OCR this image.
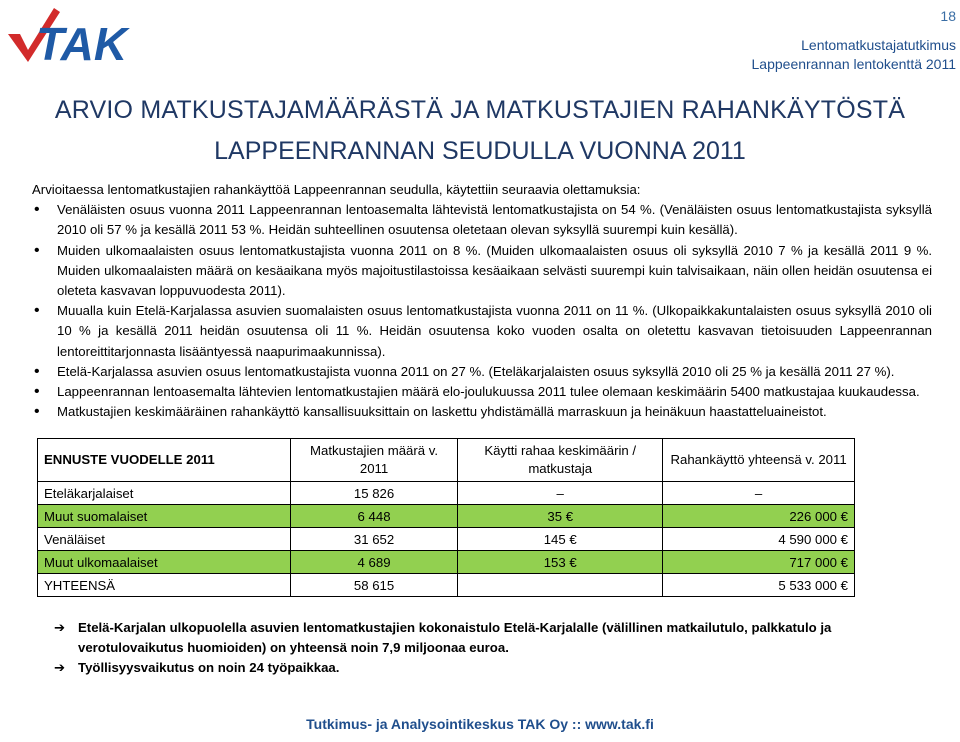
TAK
18
Lentomatkustajatutkimus
Lappeenrannan lentokenttä 2011
ARVIO MATKUSTAJAMÄÄRÄSTÄ JA MATKUSTAJIEN RAHANKÄYTÖSTÄ
LAPPEENRANNAN SEUDULLA VUONNA 2011

Arvioitaessa lentomatkustajien rahankäyttöä Lappeenrannan seudulla, käytettiin seuraavia olettamuksia:

• Venäläisten osuus vuonna 2011 Lappeenrannan lentoasemalta lähtevistä lentomatkustajista on 54 %. (Venäläisten osuus lentomatkustajista syksyllä 2010 oli 57 % ja kesällä 2011 53 %. Heidän suhteellinen osuutensa oletetaan olevan syksyllä suurempi kuin kesällä).
• Muiden ulkomaalaisten osuus lentomatkustajista vuonna 2011 on 8 %. (Muiden ulkomaalaisten osuus oli syksyllä 2010 7 % ja kesällä 2011 9 %. Muiden ulkomaalaisten määrä on kesäaikana myös majoitustilastoissa kesäaikaan selvästi suurempi kuin talvisaikaan, näin ollen heidän osuutensa ei oleteta kasvavan loppuvuodesta 2011).
• Muualla kuin Etelä-Karjalassa asuvien suomalaisten osuus lentomatkustajista vuonna 2011 on 11 %. (Ulkopaikkakuntalaisten osuus syksyllä 2010 oli 10 % ja kesällä 2011 heidän osuutensa oli 11 %. Heidän osuutensa koko vuoden osalta on oletettu kasvavan tietoisuuden Lappeenrannan lentoreittitarjonnasta lisääntyessä naapurimaakunnissa).
• Etelä-Karjalassa asuvien osuus lentomatkustajista vuonna 2011 on 27 %. (Eteläkarjalaisten osuus syksyllä 2010 oli 25 % ja kesällä 2011 27 %).
• Lappeenrannan lentoasemalta lähtevien lentomatkustajien määrä elo-joulukuussa 2011 tulee olemaan keskimäärin 5400 matkustajaa kuukaudessa.
• Matkustajien keskimääräinen rahankäyttö kansallisuuksittain on laskettu yhdistämällä marraskuun ja heinäkuun haastatteluaineistot.
ENNUSTE VUODELLE 2011	Matkustajien määrä v. 2011	Käytti rahaa keskimäärin / matkustaja	Rahankäyttö yhteensä v. 2011
Eteläkarjalaiset	15 826	–	–
Muut suomalaiset	6 448	35 €	226 000 €
Venäläiset	31 652	145 €	4 590 000 €
Muut ulkomaalaiset	4 689	153 €	717 000 €
YHTEENSÄ	58 615		5 533 000 €
➔ Etelä-Karjalan ulkopuolella asuvien lentomatkustajien kokonaistulo Etelä-Karjalalle (välillinen matkailutulo, palkkatulo ja verotulovaikutus huomioiden) on yhteensä noin 7,9 miljoonaa euroa.
➔ Työllisyysvaikutus on noin 24 työpaikkaa.
Tutkimus- ja Analysointikeskus TAK Oy :: www.tak.fi
